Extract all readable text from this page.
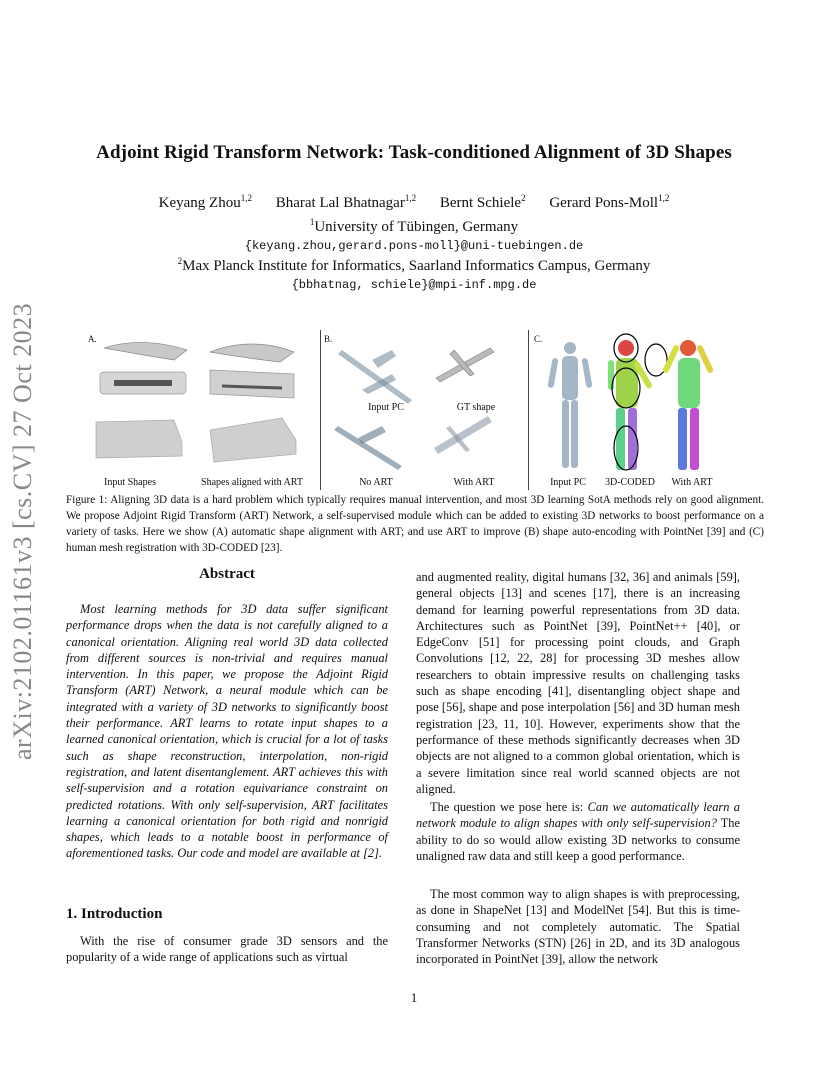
arXiv:2102.01161v3 [cs.CV] 27 Oct 2023
Adjoint Rigid Transform Network: Task-conditioned Alignment of 3D Shapes
Keyang Zhou$^{1,2}$ Bharat Lal Bhatnagar$^{1,2}$ Bernt Schiele$^2$ Gerard Pons-Moll$^{1,2}$
$^1$University of Tübingen, Germany
{keyang.zhou,gerard.pons-moll}@uni-tuebingen.de
$^2$Max Planck Institute for Informatics, Saarland Informatics Campus, Germany
{bbhatnag, schiele}@mpi-inf.mpg.de
A.
Input Shapes	Shapes aligned with ART
B.
Input PC	GT shape
No ART	With ART
C.
Input PC	3D-CODED	With ART
Figure 1: Aligning 3D data is a hard problem which typically requires manual intervention, and most 3D learning SotA methods rely on good alignment. We propose Adjoint Rigid Transform (ART) Network, a self-supervised module which can be added to existing 3D networks to boost performance on a variety of tasks. Here we show (A) automatic shape alignment with ART; and use ART to improve (B) shape auto-encoding with PointNet [39] and (C) human mesh registration with 3D-CODED [23].
Abstract

Most learning methods for 3D data suffer significant performance drops when the data is not carefully aligned to a canonical orientation. Aligning real world 3D data collected from different sources is non-trivial and requires manual intervention. In this paper, we propose the Adjoint Rigid Transform (ART) Network, a neural module which can be integrated with a variety of 3D networks to significantly boost their performance. ART learns to rotate input shapes to a learned canonical orientation, which is crucial for a lot of tasks such as shape reconstruction, interpolation, non-rigid registration, and latent disentanglement. ART achieves this with self-supervision and a rotation equivariance constraint on predicted rotations. With only self-supervision, ART facilitates learning a canonical orientation for both rigid and nonrigid shapes, which leads to a notable boost in performance of aforementioned tasks. Our code and model are available at [2].

1. Introduction

With the rise of consumer grade 3D sensors and the popularity of a wide range of applications such as virtual

and augmented reality, digital humans [32, 36] and animals [59], general objects [13] and scenes [17], there is an increasing demand for learning powerful representations from 3D data. Architectures such as PointNet [39], PointNet++ [40], or EdgeConv [51] for processing point clouds, and Graph Convolutions [12, 22, 28] for processing 3D meshes allow researchers to obtain impressive results on challenging tasks such as shape encoding [41], disentangling object shape and pose [56], shape and pose interpolation [56] and 3D human mesh registration [23, 11, 10]. However, experiments show that the performance of these methods significantly decreases when 3D objects are not aligned to a common global orientation, which is a severe limitation since real world scanned objects are not aligned.

The question we pose here is: Can we automatically learn a network module to align shapes with only self-supervision? The ability to do so would allow existing 3D networks to consume unaligned raw data and still keep a good performance.

The most common way to align shapes is with preprocessing, as done in ShapeNet [13] and ModelNet [54]. But this is time-consuming and not completely automatic. The Spatial Transformer Networks (STN) [26] in 2D, and its 3D analogous incorporated in PointNet [39], allow the network

1
